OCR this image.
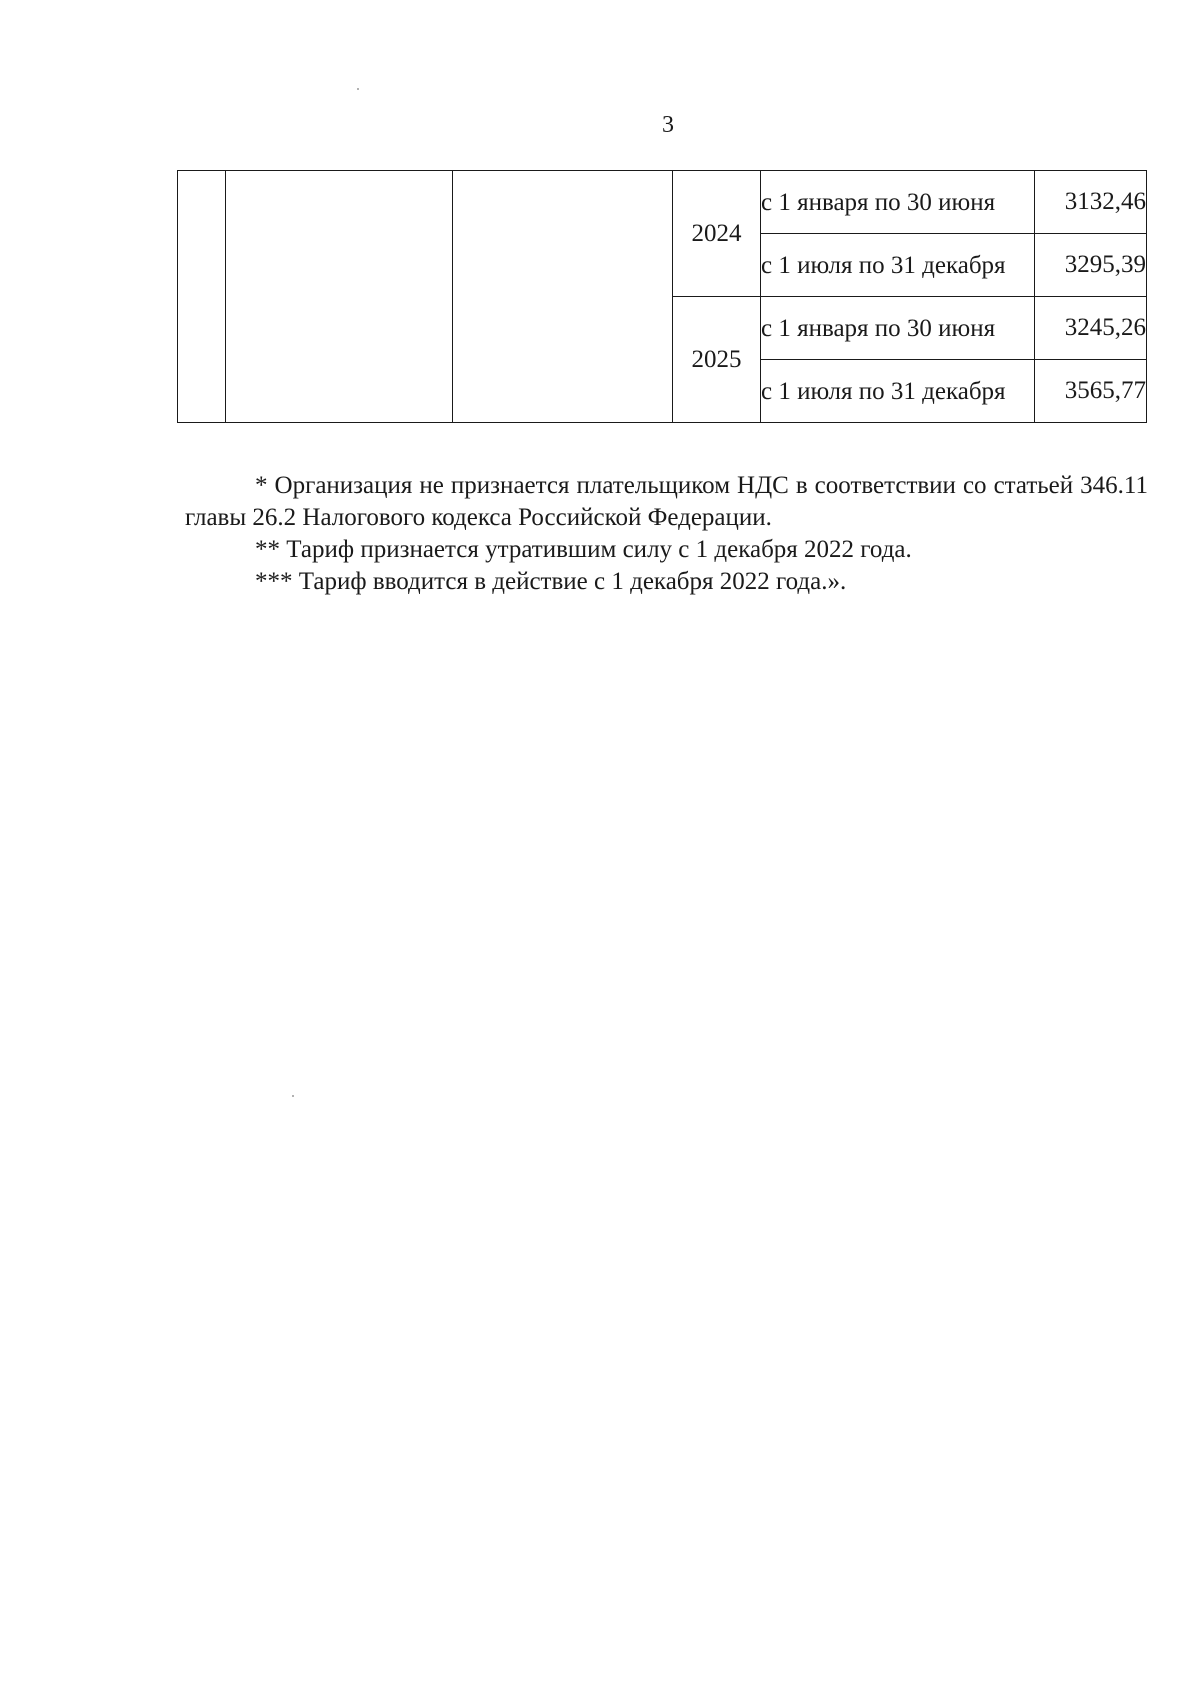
3
			2024	с 1 января по 30 июня	3132,46
				с 1 июля по 31 декабря	3295,39
			2025	с 1 января по 30 июня	3245,26
				с 1 июля по 31 декабря	3565,77

* Организация не признается плательщиком НДС в соответствии со статьей 346.11 главы 26.2 Налогового кодекса Российской Федерации.

** Тариф признается утратившим силу с 1 декабря 2022 года.

*** Тариф вводится в действие с 1 декабря 2022 года.».
